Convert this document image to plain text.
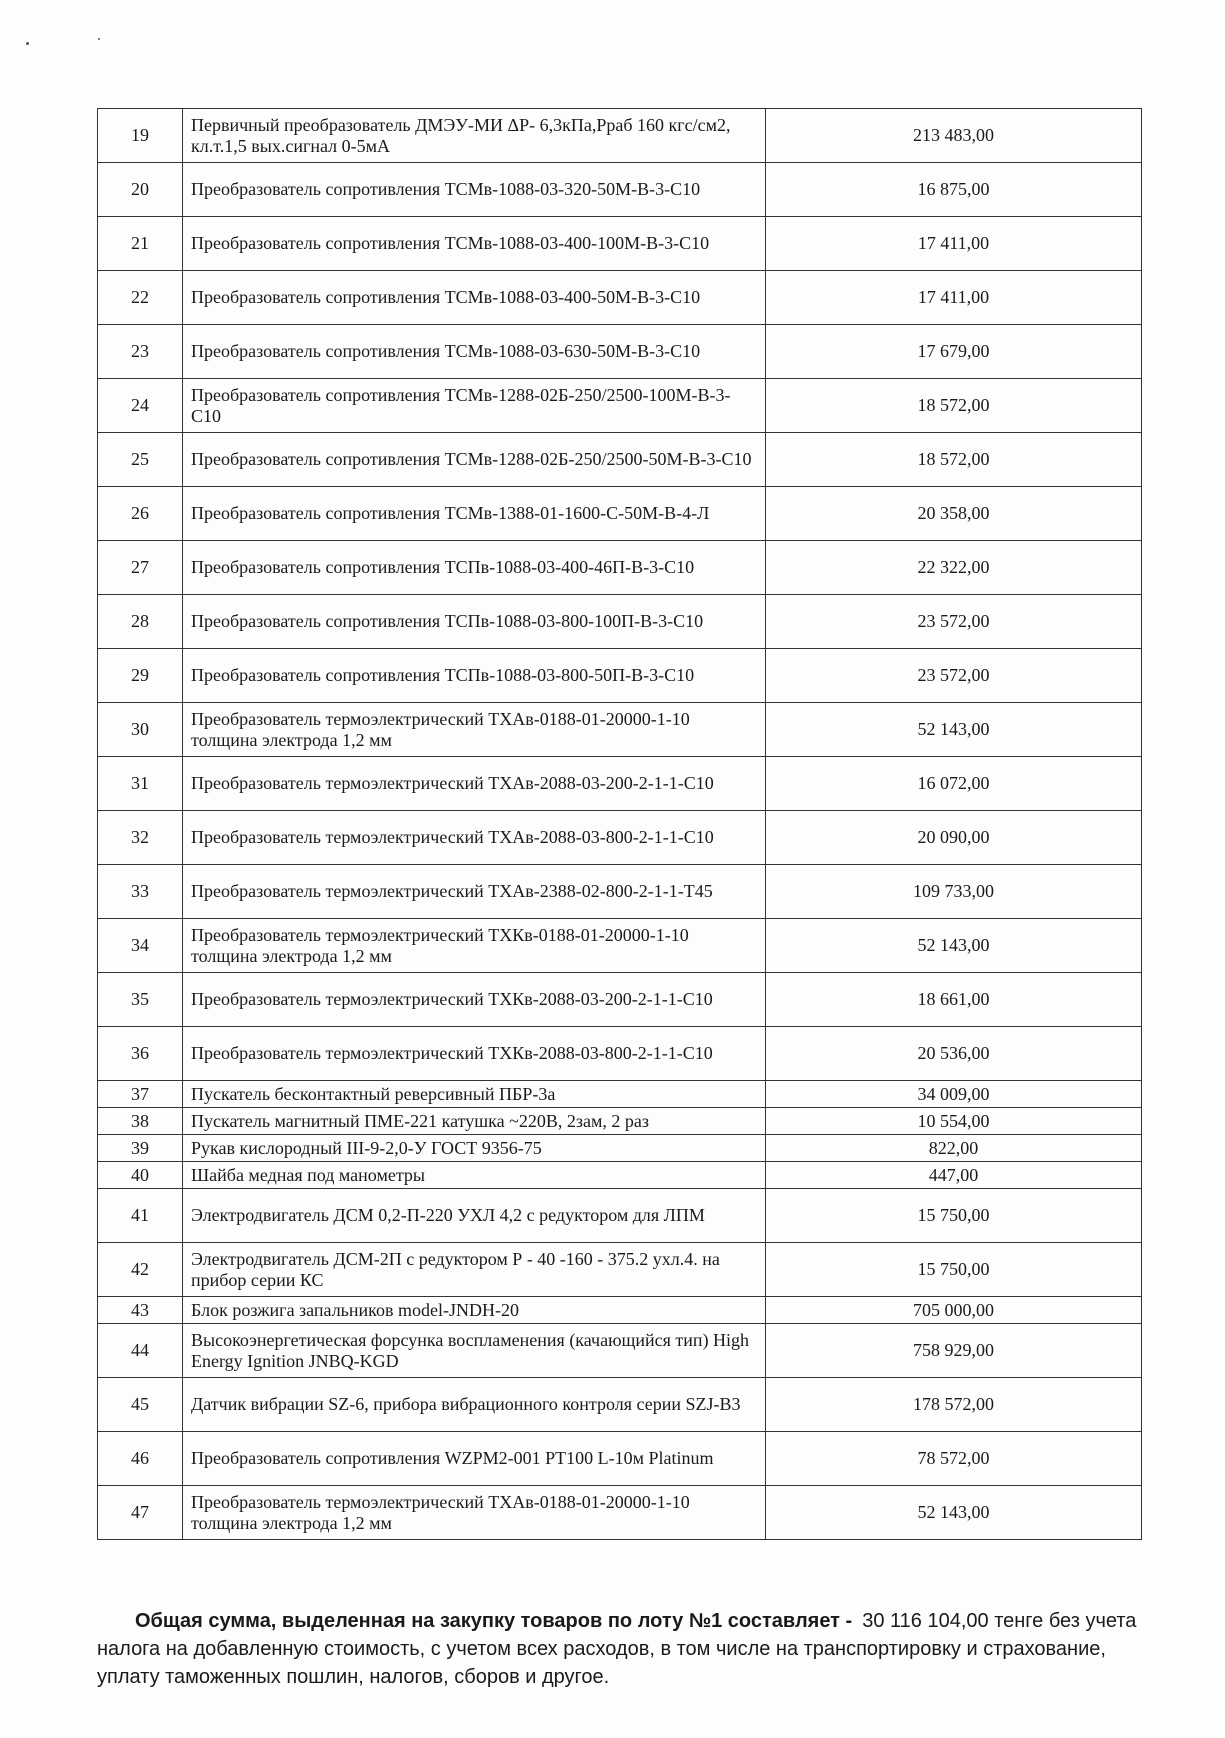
19	Первичный преобразователь ДМЭУ-МИ ΔР- 6,3кПа,Рраб 160 кгс/см2, кл.т.1,5 вых.сигнал 0-5мА	213 483,00
20	Преобразователь сопротивления ТСМв-1088-03-320-50М-В-3-С10	16 875,00
21	Преобразователь сопротивления ТСМв-1088-03-400-100М-В-3-С10	17 411,00
22	Преобразователь сопротивления ТСМв-1088-03-400-50М-В-3-С10	17 411,00
23	Преобразователь сопротивления ТСМв-1088-03-630-50М-В-3-С10	17 679,00
24	Преобразователь сопротивления ТСМв-1288-02Б-250/2500-100М-В-3-С10	18 572,00
25	Преобразователь сопротивления ТСМв-1288-02Б-250/2500-50М-В-3-С10	18 572,00
26	Преобразователь сопротивления ТСМв-1388-01-1600-С-50М-В-4-Л	20 358,00
27	Преобразователь сопротивления ТСПв-1088-03-400-46П-В-3-С10	22 322,00
28	Преобразователь сопротивления ТСПв-1088-03-800-100П-В-3-С10	23 572,00
29	Преобразователь сопротивления ТСПв-1088-03-800-50П-В-3-С10	23 572,00
30	Преобразователь термоэлектрический ТХАв-0188-01-20000-1-10 толщина электрода 1,2 мм	52 143,00
31	Преобразователь термоэлектрический ТХАв-2088-03-200-2-1-1-С10	16 072,00
32	Преобразователь термоэлектрический ТХАв-2088-03-800-2-1-1-С10	20 090,00
33	Преобразователь термоэлектрический ТХАв-2388-02-800-2-1-1-Т45	109 733,00
34	Преобразователь термоэлектрический ТХКв-0188-01-20000-1-10 толщина электрода 1,2 мм	52 143,00
35	Преобразователь термоэлектрический ТХКв-2088-03-200-2-1-1-С10	18 661,00
36	Преобразователь термоэлектрический ТХКв-2088-03-800-2-1-1-С10	20 536,00
37	Пускатель бесконтактный реверсивный ПБР-3а	34 009,00
38	Пускатель магнитный ПМЕ-221 катушка ~220В, 2зам, 2 раз	10 554,00
39	Рукав кислородный III-9-2,0-У ГОСТ 9356-75	822,00
40	Шайба медная под манометры	447,00
41	Электродвигатель ДСМ 0,2-П-220 УХЛ 4,2 с редуктором для ЛПМ	15 750,00
42	Электродвигатель ДСМ-2П с редуктором Р - 40 -160 - 375.2 ухл.4. на прибор серии КС	15 750,00
43	Блок розжига запальников model-JNDH-20	705 000,00
44	Высокоэнергетическая форсунка воспламенения (качающийся тип) High Energy Ignition JNBQ-KGD	758 929,00
45	Датчик вибрации SZ-6, прибора вибрационного контроля серии SZJ-B3	178 572,00
46	Преобразователь сопротивления WZPM2-001 PT100 L-10м Platinum	78 572,00
47	Преобразователь термоэлектрический ТХАв-0188-01-20000-1-10 толщина электрода 1,2 мм	52 143,00
Общая сумма, выделенная на закупку товаров по лоту №1 составляет - 30 116 104,00 тенге без учета налога на добавленную стоимость, с учетом всех расходов, в том числе на транспортировку и страхование, уплату таможенных пошлин, налогов, сборов и другое.
